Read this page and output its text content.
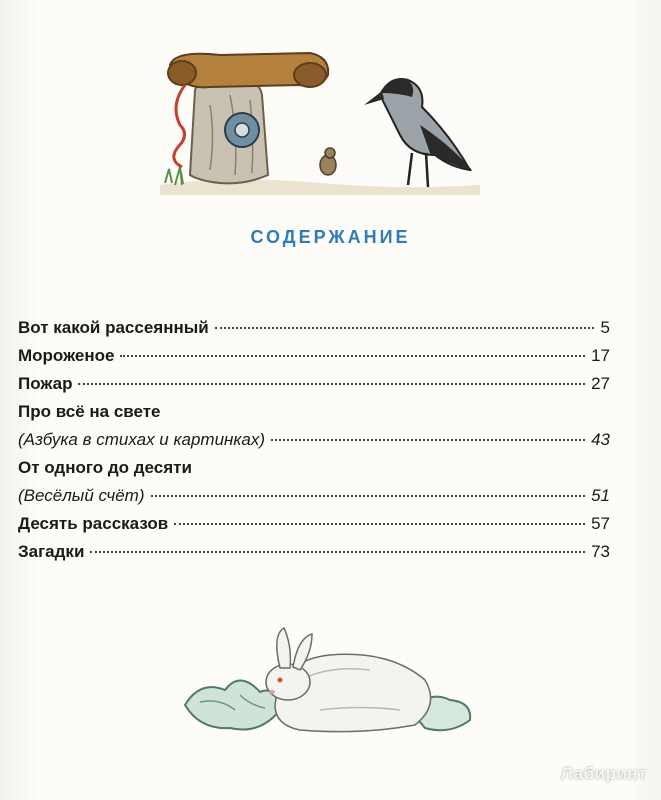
СОДЕРЖАНИЕ
Вот какой рассеянный	5
Мороженое	17
Пожар	27
Про всё на свете
(Азбука в стихах и картинках)	43
От одного до десяти
(Весёлый счёт)	51
Десять рассказов	57
Загадки	73
Лабиринт
